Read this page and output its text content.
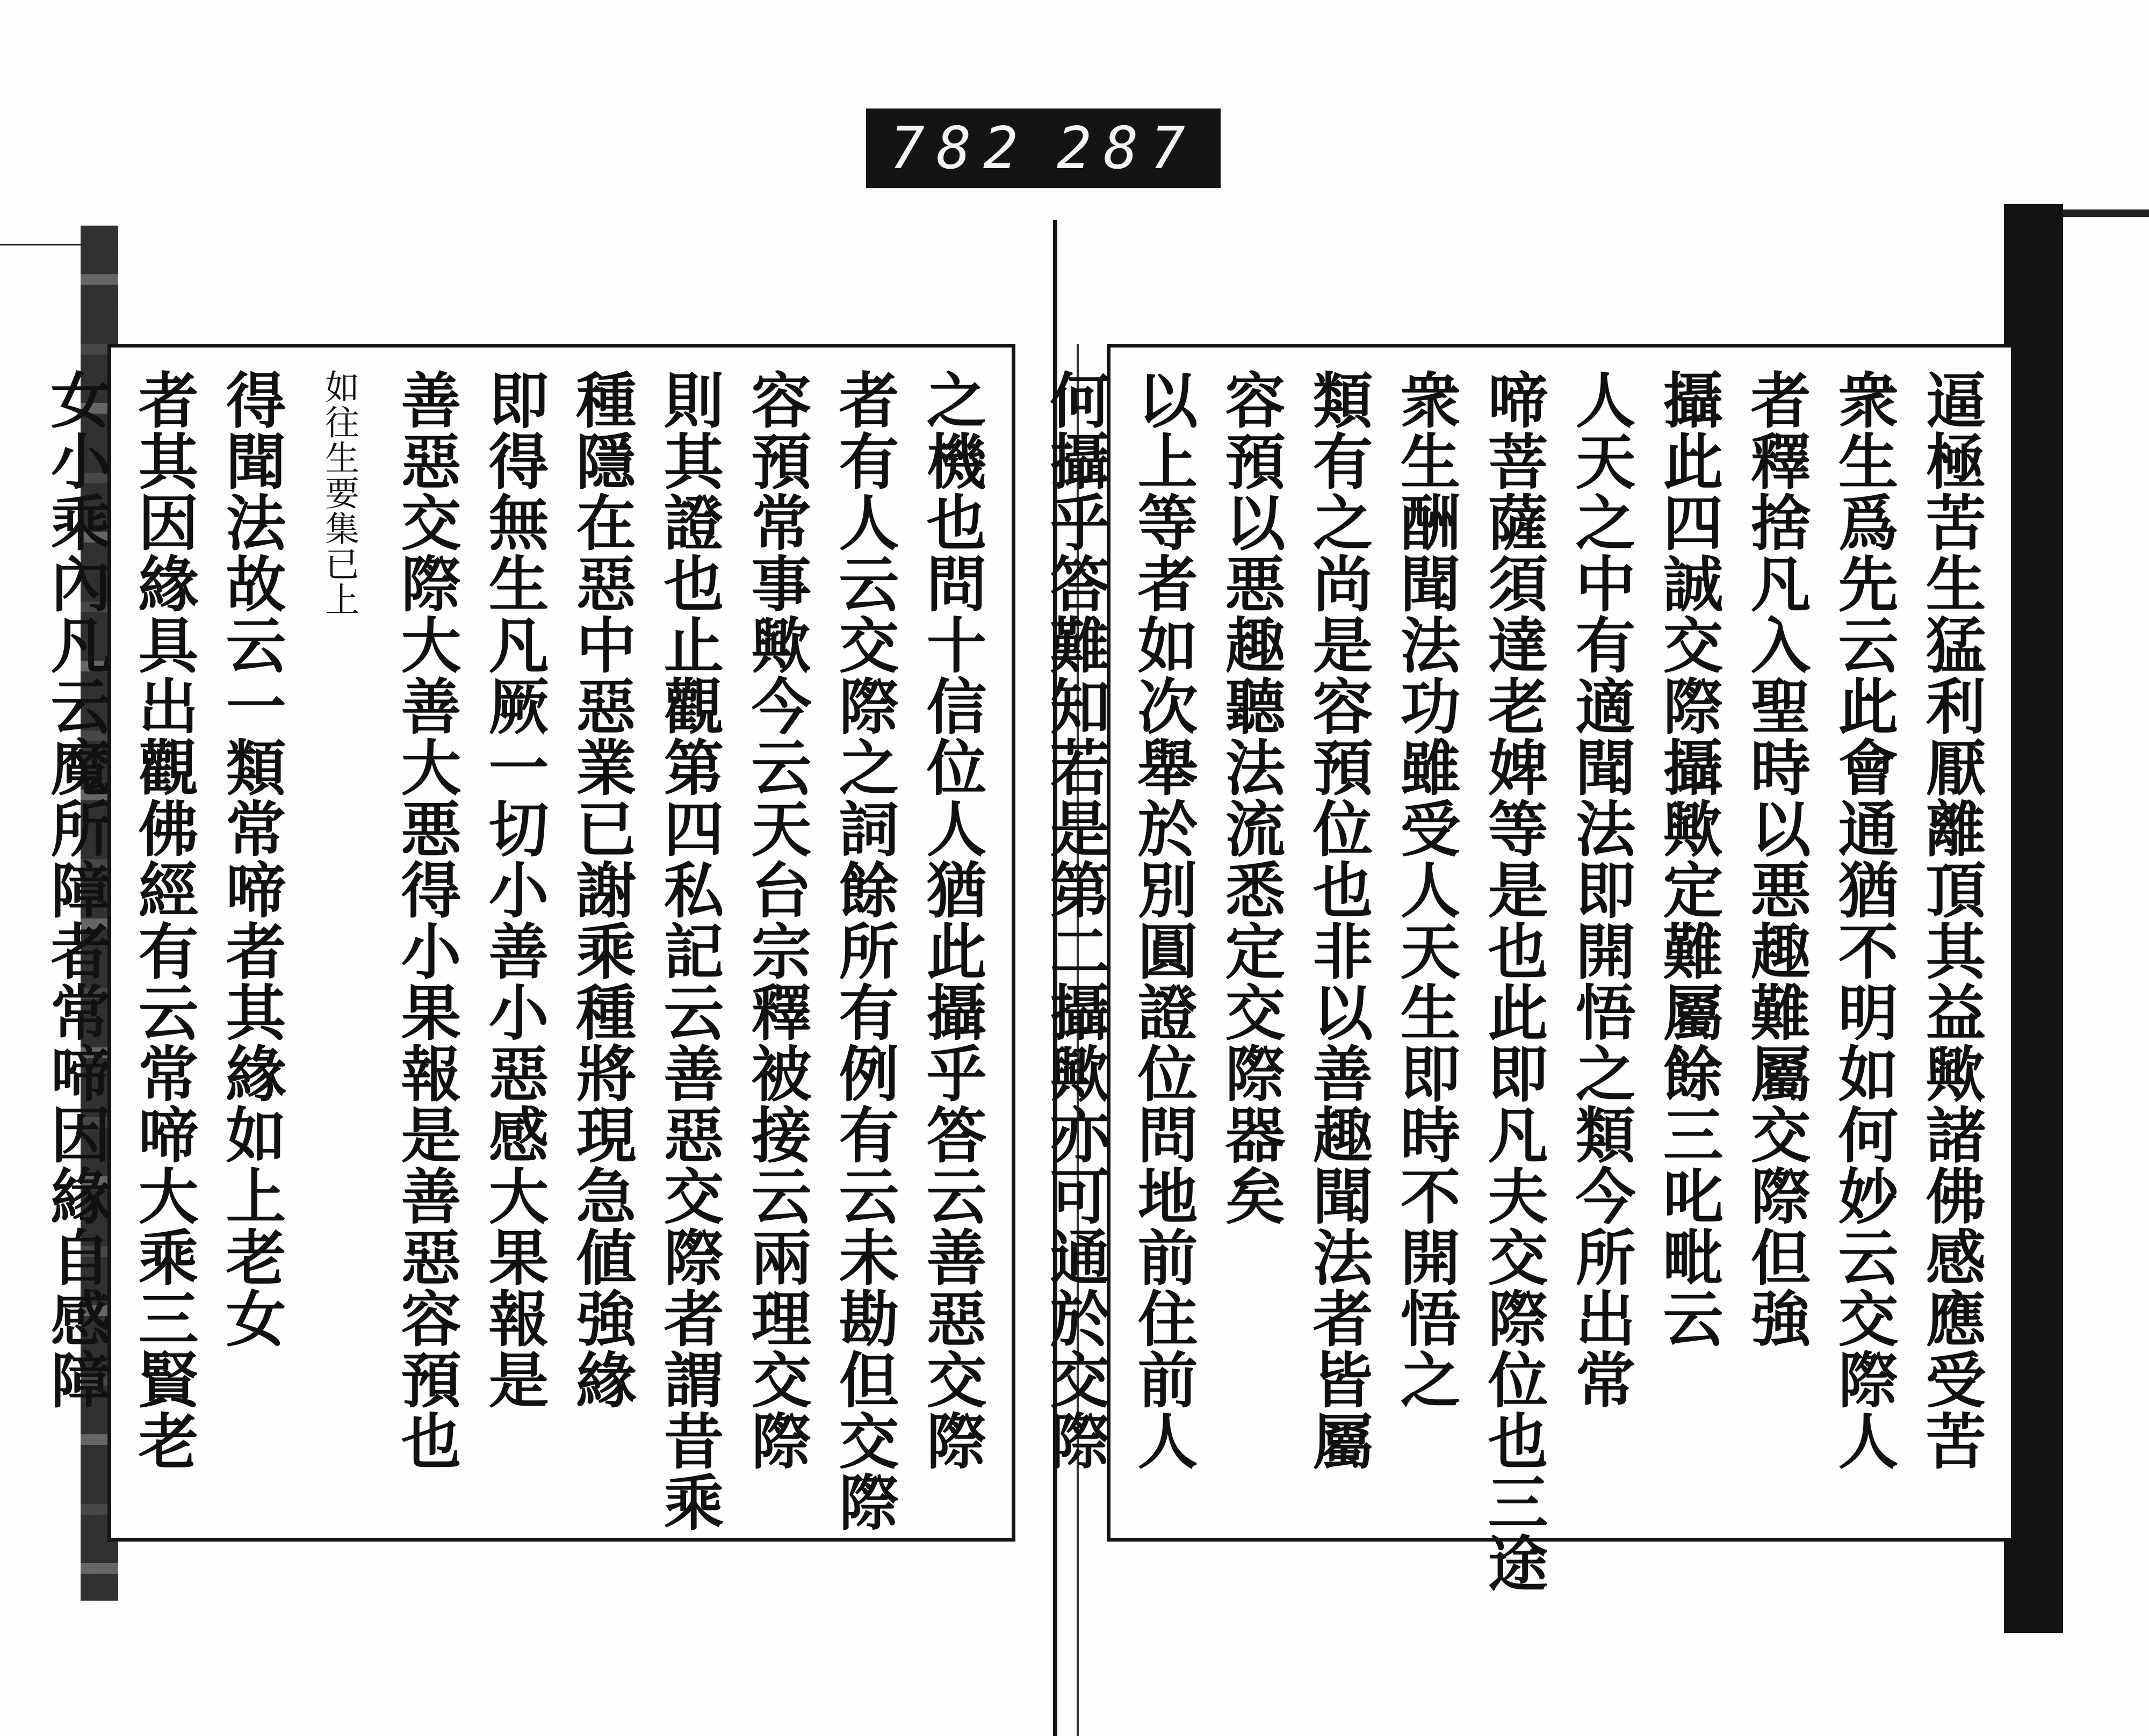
782 287
之機也問十信位人猶此攝乎答云善惡交際
者有人云交際之詞餘所有例有云未勘但交際
容預常事歟今云天台宗釋被接云兩理交際
則其證也止觀第四私記云善惡交際者謂昔乘
種隱在惡中惡業已謝乘種將現急値強緣
即得無生凡厥一切小善小惡感大果報是
善惡交際大善大悪得小果報是善惡容預也
如往生要集已上
得聞法故云一類常啼者其緣如上老女
者其因緣具出觀佛經有云常啼大乘三賢老
女小乘內凡云魔所障者常啼因緣自感障	逼極苦生猛利厭離頂其益歟諸佛感應受苦
衆生爲先云此會通猶不明如何妙云交際人
者釋捨凡入聖時以悪趣難屬交際但強
攝此四誠交際攝歟定難屬餘三叱毗云
人天之中有適聞法即開悟之類今所出常
啼菩薩須達老婢等是也此即凡夫交際位也三途
衆生酬聞法功雖受人天生即時不開悟之
類有之尚是容預位也非以善趣聞法者皆屬
容預以悪趣聽法流悉定交際器矣
以上等者如次舉於別圓證位問地前住前人
何攝乎答難知若是第二攝歟亦可通於交際
